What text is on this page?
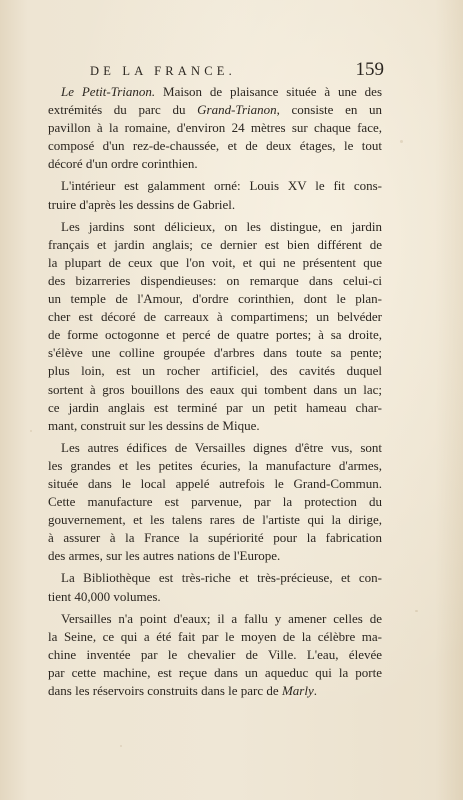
DE LA FRANCE.	159
Le Petit-Trianon. Maison de plaisance située à une des
extrémités du parc du Grand-Trianon, consiste en un
pavillon à la romaine, d'environ 24 mètres sur chaque face,
composé d'un rez-de-chaussée, et de deux étages, le tout
décoré d'un ordre corinthien.
L'intérieur est galamment orné: Louis XV le fit cons-
truire d'après les dessins de Gabriel.
Les jardins sont délicieux, on les distingue, en jardin
français et jardin anglais; ce dernier est bien différent de
la plupart de ceux que l'on voit, et qui ne présentent que
des bizarreries dispendieuses: on remarque dans celui-ci
un temple de l'Amour, d'ordre corinthien, dont le plan-
cher est décoré de carreaux à compartimens; un belvéder
de forme octogonne et percé de quatre portes; à sa droite,
s'élève une colline groupée d'arbres dans toute sa pente;
plus loin, est un rocher artificiel, des cavités duquel
sortent à gros bouillons des eaux qui tombent dans un lac;
ce jardin anglais est terminé par un petit hameau char-
mant, construit sur les dessins de Mique.
Les autres édifices de Versailles dignes d'être vus, sont
les grandes et les petites écuries, la manufacture d'armes,
située dans le local appelé autrefois le Grand-Commun.
Cette manufacture est parvenue, par la protection du
gouvernement, et les talens rares de l'artiste qui la dirige,
à assurer à la France la supériorité pour la fabrication
des armes, sur les autres nations de l'Europe.
La Bibliothèque est très-riche et très-précieuse, et con-
tient 40,000 volumes.
Versailles n'a point d'eaux; il a fallu y amener celles de
la Seine, ce qui a été fait par le moyen de la célèbre ma-
chine inventée par le chevalier de Ville. L'eau, élevée
par cette machine, est reçue dans un aqueduc qui la porte
dans les réservoirs construits dans le parc de Marly.
